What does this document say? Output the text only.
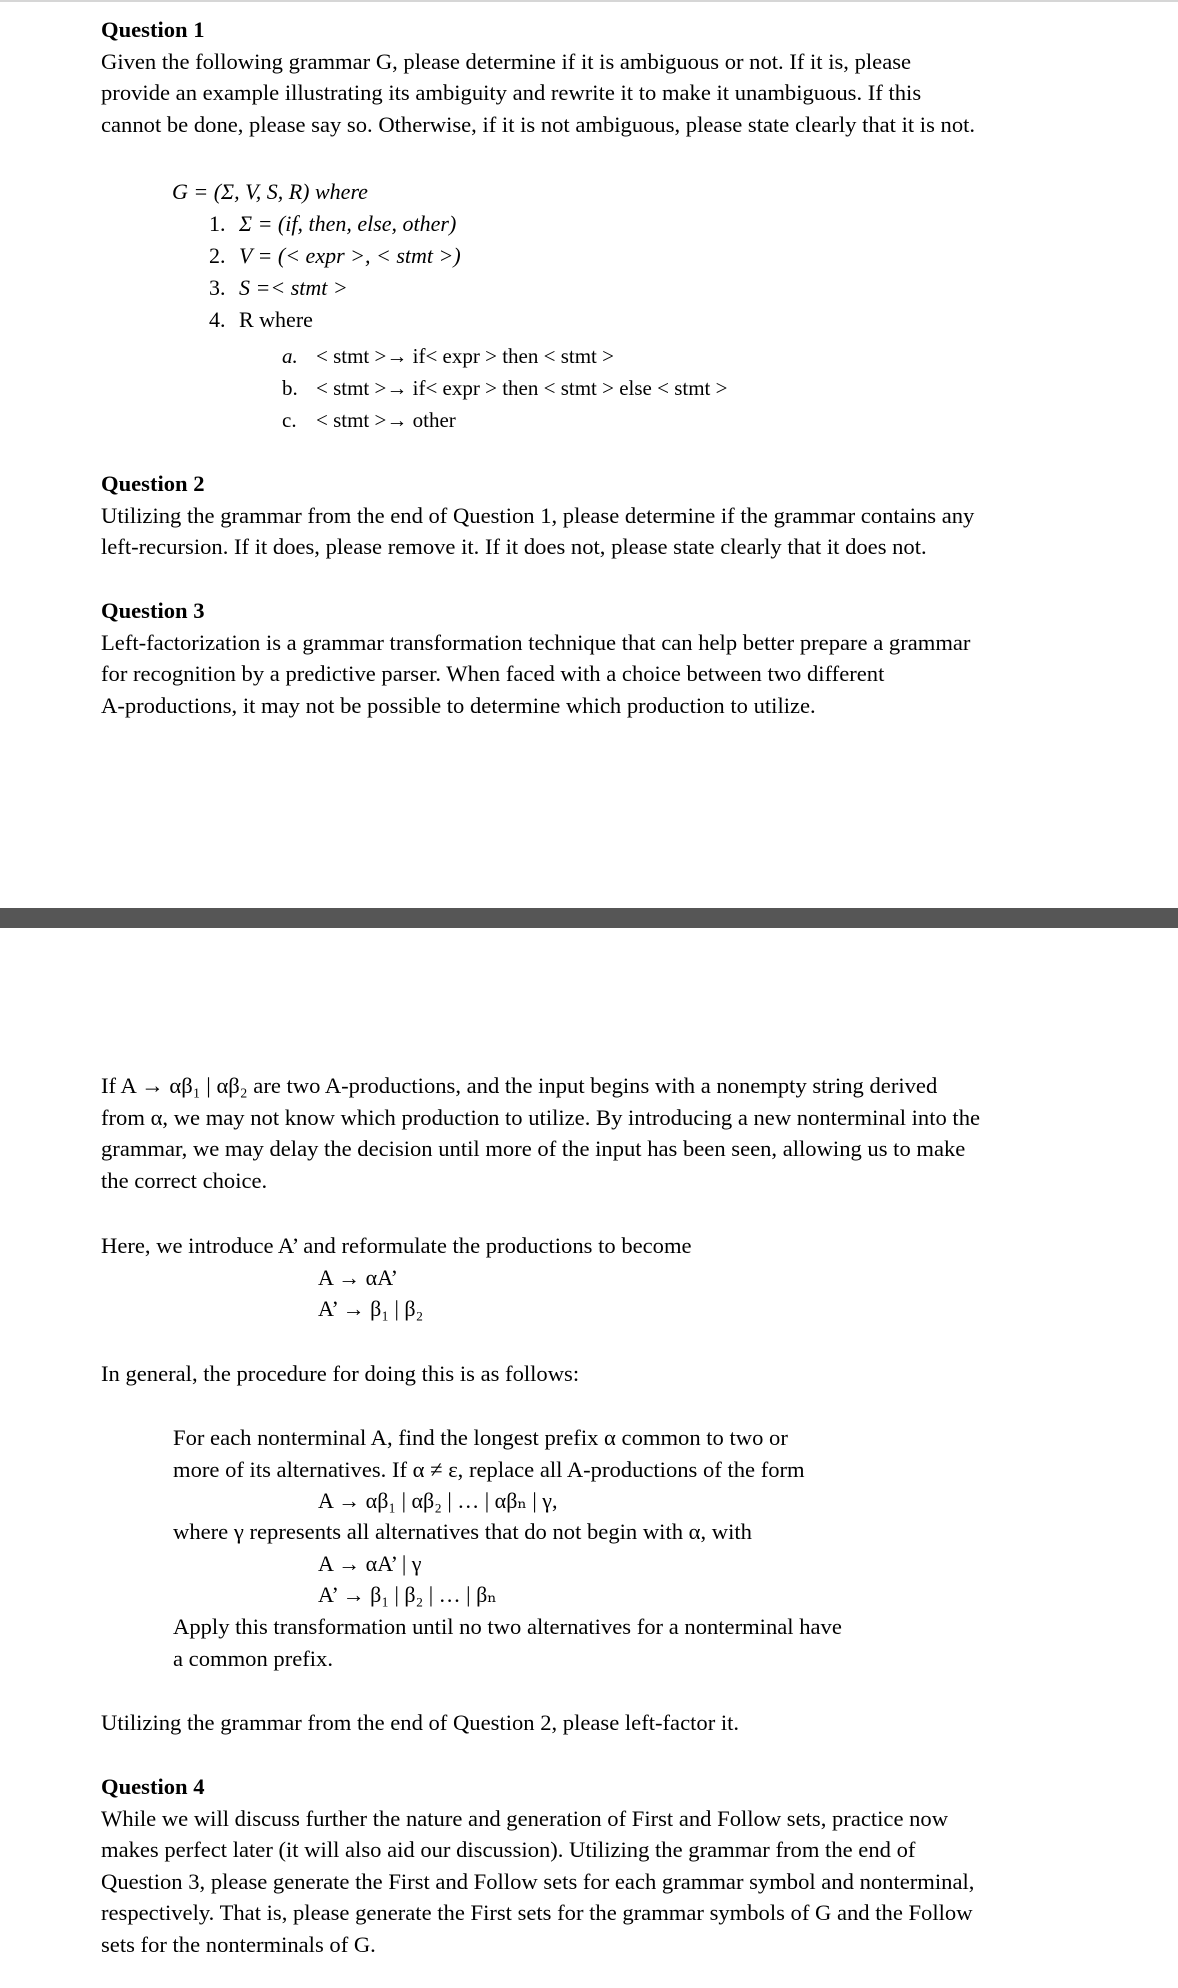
Question 1
Given the following grammar G, please determine if it is ambiguous or not. If it is, please
provide an example illustrating its ambiguity and rewrite it to make it unambiguous. If this
cannot be done, please say so. Otherwise, if it is not ambiguous, please state clearly that it is not.
G = (Σ, V, S, R) where
1. Σ = (if, then, else, other)
2. V = (< expr >, < stmt >)
3. S =< stmt >
4. R where
a. < stmt >→ if< expr > then < stmt >
b. < stmt >→ if< expr > then < stmt > else < stmt >
c. < stmt >→ other
Question 2
Utilizing the grammar from the end of Question 1, please determine if the grammar contains any
left-recursion. If it does, please remove it. If it does not, please state clearly that it does not.
Question 3
Left-factorization is a grammar transformation technique that can help better prepare a grammar
for recognition by a predictive parser. When faced with a choice between two different
A-productions, it may not be possible to determine which production to utilize.
If A → αβ₁ | αβ₂ are two A-productions, and the input begins with a nonempty string derived
from α, we may not know which production to utilize. By introducing a new nonterminal into the
grammar, we may delay the decision until more of the input has been seen, allowing us to make
the correct choice.
Here, we introduce A’ and reformulate the productions to become
A → αA’
A’ → β₁ | β₂
In general, the procedure for doing this is as follows:
For each nonterminal A, find the longest prefix α common to two or
more of its alternatives. If α ≠ ε, replace all A-productions of the form
A → αβ₁ | αβ₂ | … | αβₙ | γ,
where γ represents all alternatives that do not begin with α, with
A → αA’ | γ
A’ → β₁ | β₂ | … | βₙ
Apply this transformation until no two alternatives for a nonterminal have
a common prefix.
Utilizing the grammar from the end of Question 2, please left-factor it.
Question 4
While we will discuss further the nature and generation of First and Follow sets, practice now
makes perfect later (it will also aid our discussion). Utilizing the grammar from the end of
Question 3, please generate the First and Follow sets for each grammar symbol and nonterminal,
respectively. That is, please generate the First sets for the grammar symbols of G and the Follow
sets for the nonterminals of G.
